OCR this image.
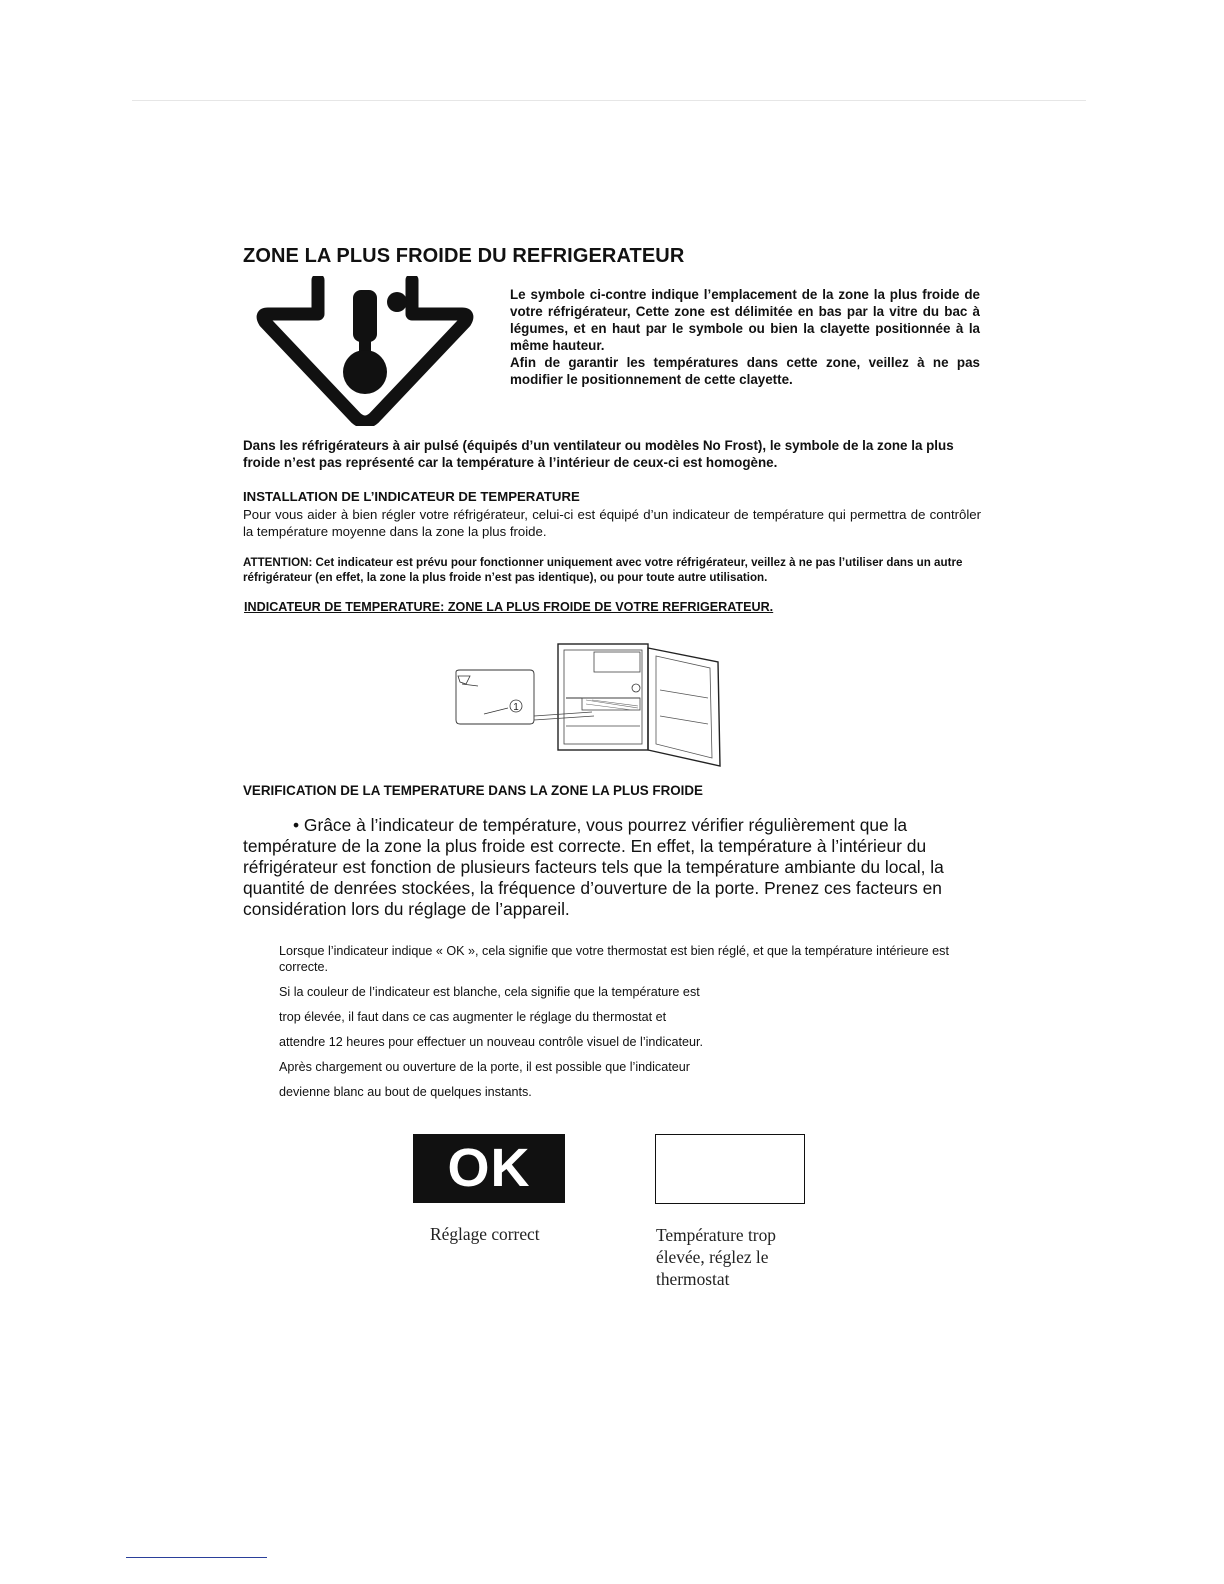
ZONE LA PLUS FROIDE DU REFRIGERATEUR

Le symbole ci-contre indique l’emplacement de la zone la plus froide de votre réfrigérateur, Cette zone est délimitée en bas par la vitre du bac à légumes, et en haut par le symbole ou bien la clayette positionnée à la même hauteur.

Afin de garantir les températures dans cette zone, veillez à ne pas modifier le positionnement de cette clayette.

Dans les réfrigérateurs à air pulsé (équipés d’un ventilateur ou modèles No Frost), le symbole de la zone la plus froide n’est pas représenté car la température à l’intérieur de ceux-ci est homogène.
INSTALLATION DE L’INDICATEUR DE TEMPERATURE
Pour vous aider à bien régler votre réfrigérateur, celui-ci est équipé d’un indicateur de température qui permettra de contrôler la température moyenne dans la zone la plus froide.
ATTENTION: Cet indicateur est prévu pour fonctionner uniquement avec votre réfrigérateur, veillez à ne pas l’utiliser dans un autre réfrigérateur (en effet, la zone la plus froide n’est pas identique), ou pour toute autre utilisation.
INDICATEUR DE TEMPERATURE: ZONE LA PLUS FROIDE DE VOTRE REFRIGERATEUR.
1
VERIFICATION DE LA TEMPERATURE DANS LA ZONE LA PLUS FROIDE
• Grâce à l’indicateur de température, vous pourrez vérifier régulièrement que la
température de la zone la plus froide est correcte. En effet, la température à l’intérieur du réfrigérateur est fonction de plusieurs facteurs tels que la température ambiante du local, la quantité de denrées stockées, la fréquence d’ouverture de la porte. Prenez ces facteurs en considération lors du réglage de l’appareil.

Lorsque l’indicateur indique « OK », cela signifie que votre thermostat est bien réglé, et que la température intérieure est correcte.

Si la couleur de l’indicateur est blanche, cela signifie que la température est

trop élevée, il faut dans ce cas augmenter le réglage du thermostat et

attendre 12 heures pour effectuer un nouveau contrôle visuel de l’indicateur.

Après chargement ou ouverture de la porte, il est possible que l’indicateur

devienne blanc au bout de quelques instants.

OK
Réglage correct	Température trop élevée, réglez le thermostat
